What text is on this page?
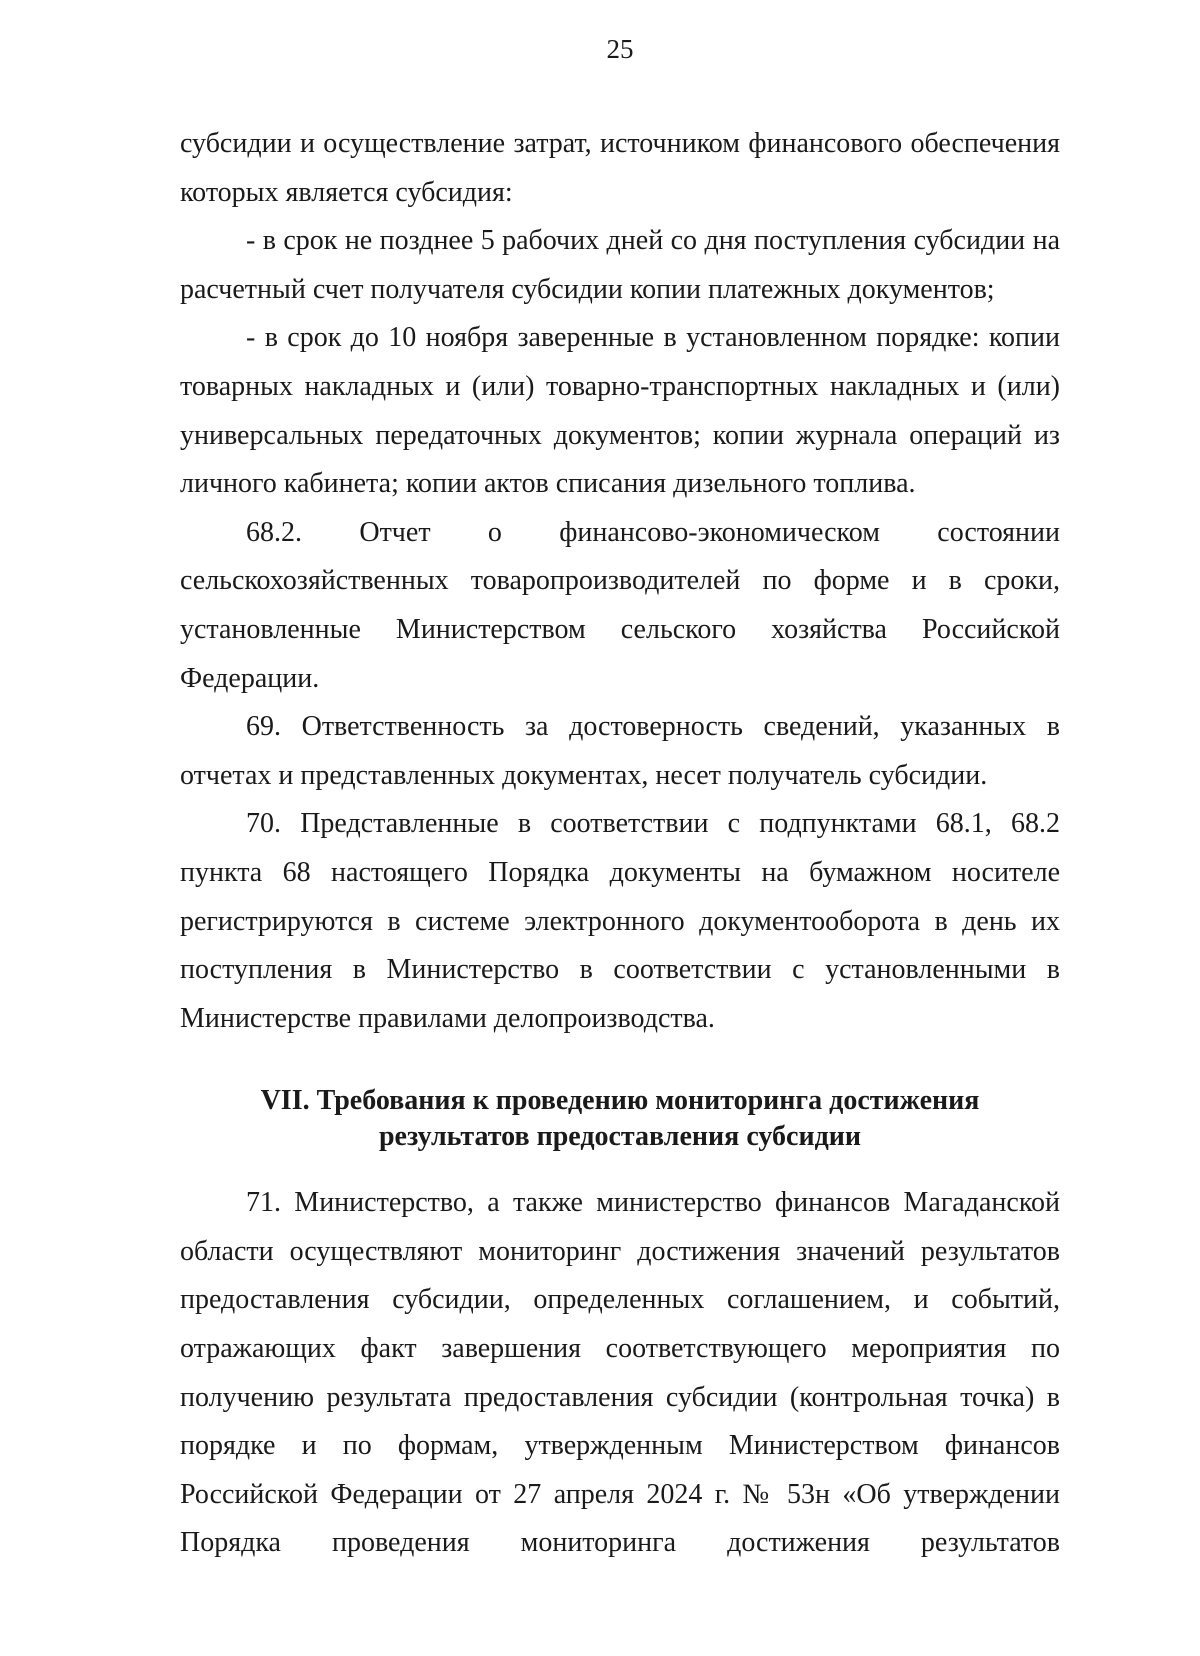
25

субсидии и осуществление затрат, источником финансового обеспечения которых является субсидия:

- в срок не позднее 5 рабочих дней со дня поступления субсидии на расчетный счет получателя субсидии копии платежных документов;

- в срок до 10 ноября заверенные в установленном порядке: копии товарных накладных и (или) товарно-транспортных накладных и (или) универсальных передаточных документов; копии журнала операций из личного кабинета; копии актов списания дизельного топлива.

68.2. Отчет о финансово-экономическом состоянии сельскохозяйственных товаропроизводителей по форме и в сроки, установленные Министерством сельского хозяйства Российской Федерации.

69. Ответственность за достоверность сведений, указанных в отчетах и представленных документах, несет получатель субсидии.

70. Представленные в соответствии с подпунктами 68.1, 68.2 пункта 68 настоящего Порядка документы на бумажном носителе регистрируются в системе электронного документооборота в день их поступления в Министерство в соответствии с установленными в Министерстве правилами делопроизводства.

VII. Требования к проведению мониторинга достижения
результатов предоставления субсидии

71. Министерство, а также министерство финансов Магаданской области осуществляют мониторинг достижения значений результатов предоставления субсидии, определенных соглашением, и событий, отражающих факт завершения соответствующего мероприятия по получению результата предоставления субсидии (контрольная точка) в порядке и по формам, утвержденным Министерством финансов Российской Федерации от 27 апреля 2024 г. № 53н «Об утверждении Порядка проведения мониторинга достижения результатов
